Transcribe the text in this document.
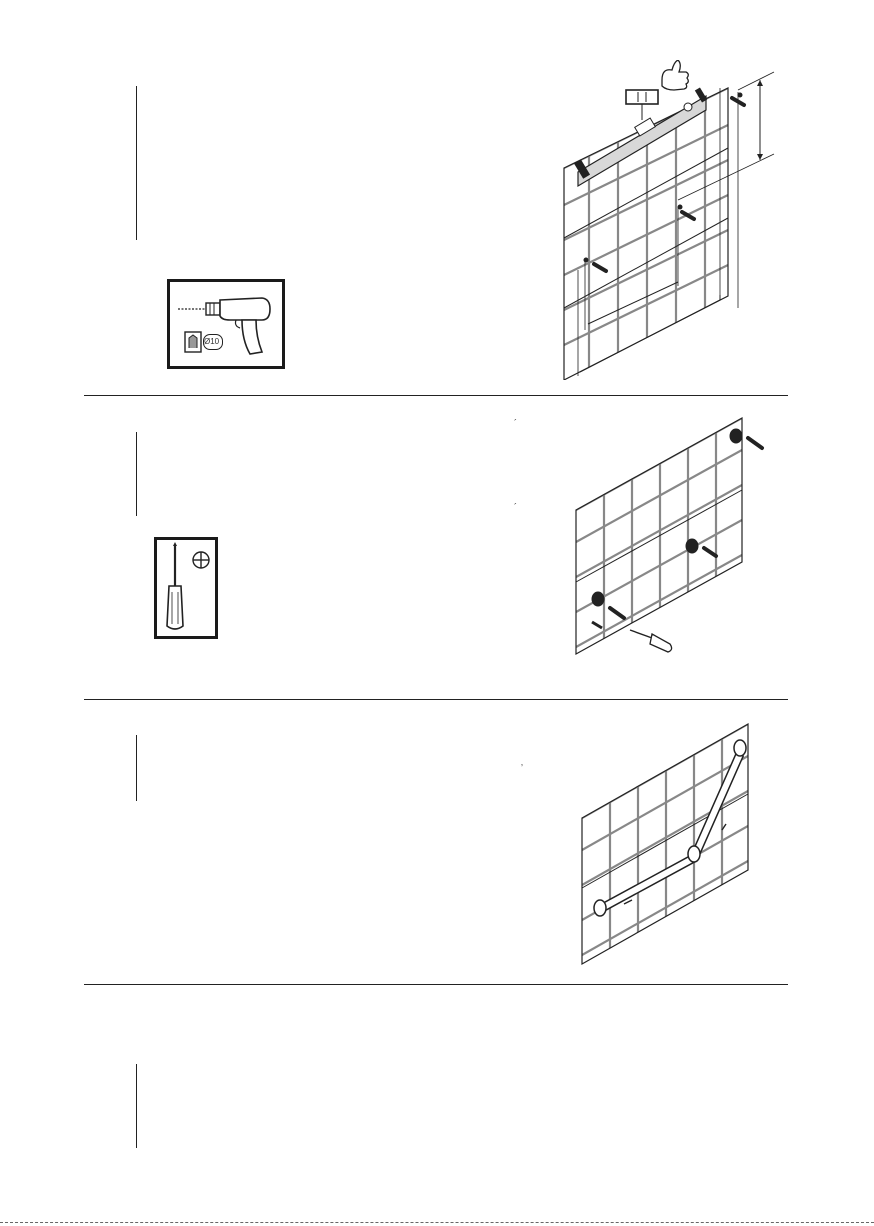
Ø10
´
´
ʼ
